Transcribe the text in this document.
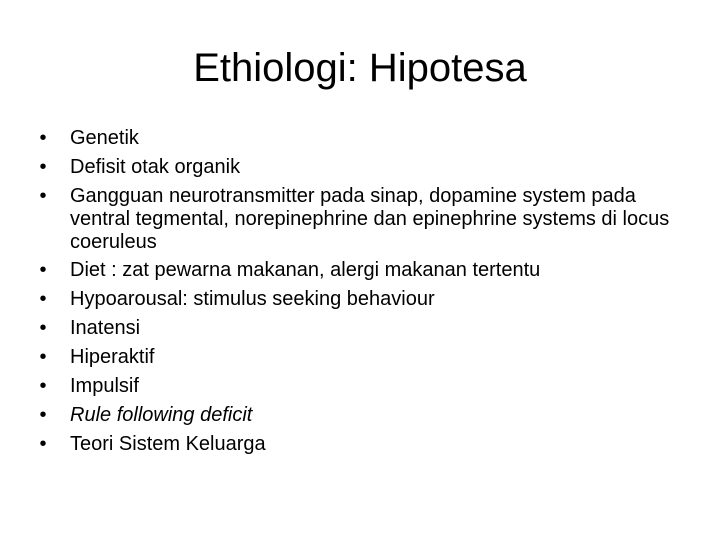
Ethiologi: Hipotesa
• Genetik
• Defisit otak organik
• Gangguan neurotransmitter pada sinap, dopamine system pada ventral tegmental, norepinephrine dan epinephrine systems di locus coeruleus
• Diet : zat pewarna makanan, alergi makanan tertentu
• Hypoarousal: stimulus seeking behaviour
• Inatensi
• Hiperaktif
• Impulsif
• Rule following deficit
• Teori Sistem Keluarga
